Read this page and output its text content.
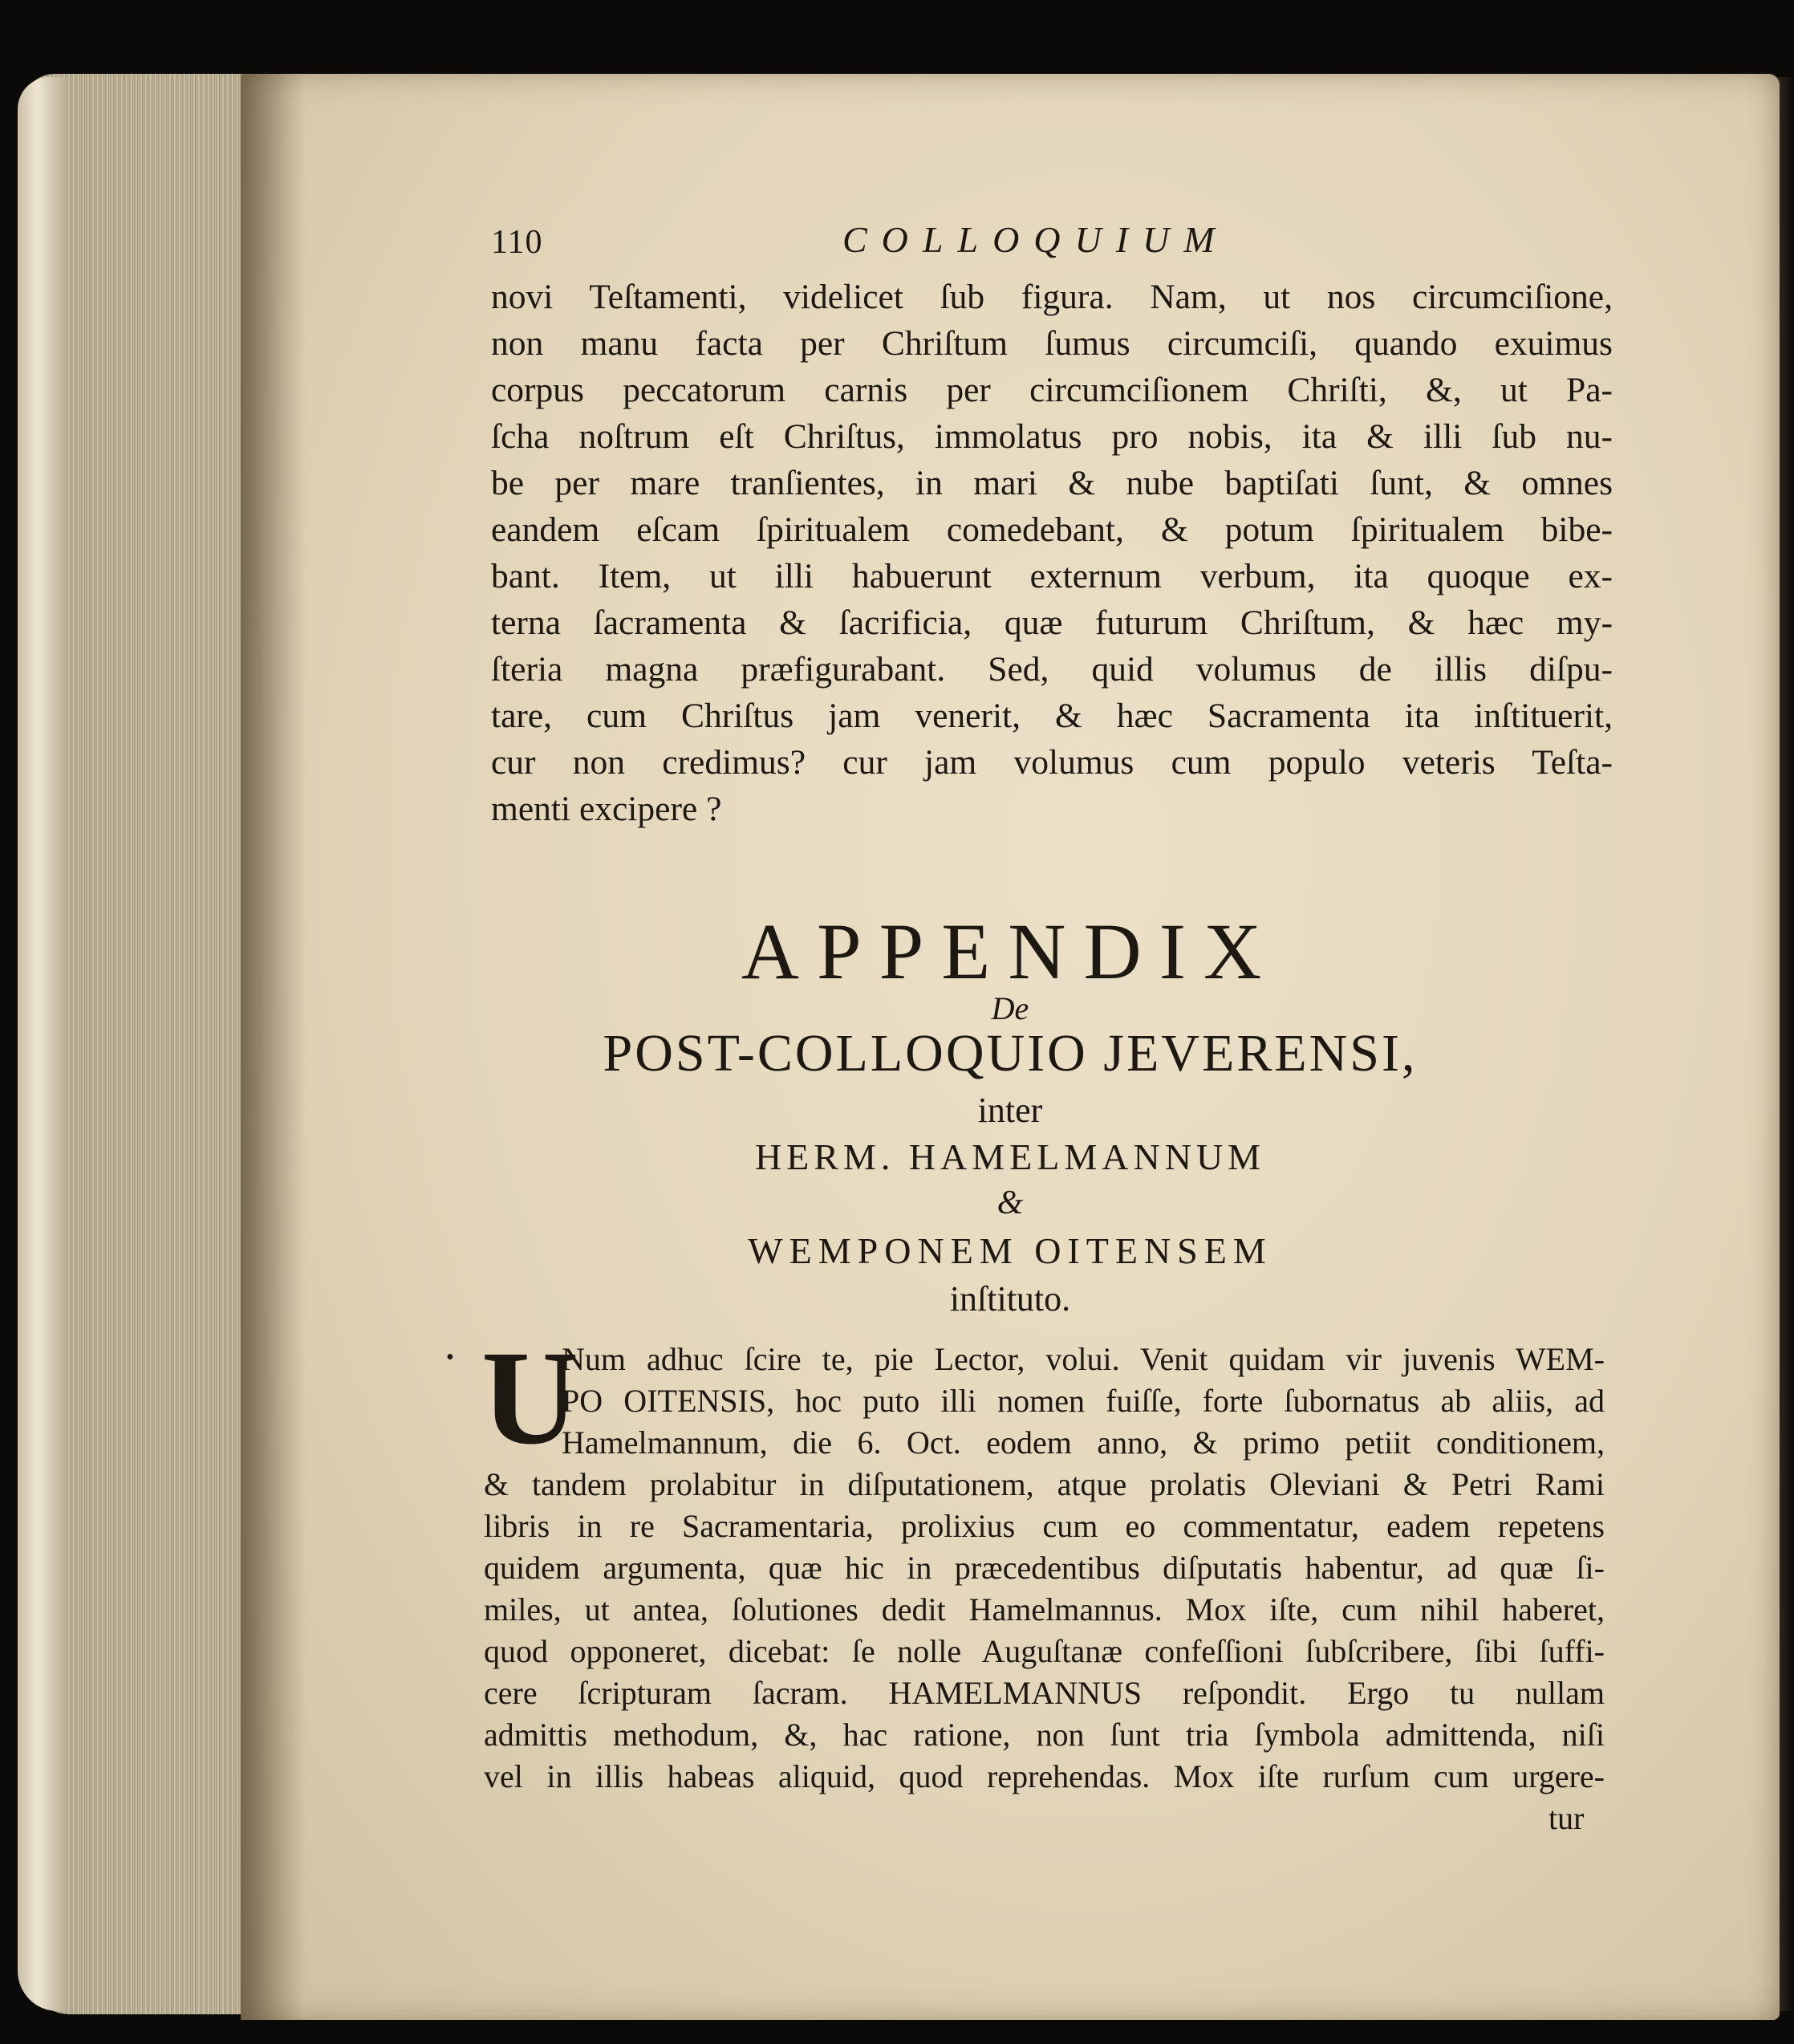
110	COLLOQUIUM
novi Teſtamenti, videlicet ſub figura. Nam, ut nos circumciſione,
non manu facta per Chriſtum ſumus circumciſi, quando exuimus
corpus peccatorum carnis per circumciſionem Chriſti, &, ut Pa-
ſcha noſtrum eſt Chriſtus, immolatus pro nobis, ita & illi ſub nu-
be per mare tranſientes, in mari & nube baptiſati ſunt, & omnes
eandem eſcam ſpiritualem comedebant, & potum ſpiritualem bibe-
bant. Item, ut illi habuerunt externum verbum, ita quoque ex-
terna ſacramenta & ſacrificia, quæ futurum Chriſtum, & hæc my-
ſteria magna præfigurabant. Sed, quid volumus de illis diſpu-
tare, cum Chriſtus jam venerit, & hæc Sacramenta ita inſtituerit,
cur non credimus? cur jam volumus cum populo veteris Teſta-
menti excipere ?
APPENDIX
De
POST-COLLOQUIO JEVERENSI,
inter
HERM. HAMELMANNUM
&
WEMPONEM OITENSEM
inſtituto.
• U
Num adhuc ſcire te, pie Lector, volui. Venit quidam vir juvenis WEM-
PO OITENSIS, hoc puto illi nomen fuiſſe, forte ſubornatus ab aliis, ad
Hamelmannum, die 6. Oct. eodem anno, & primo petiit conditionem,
& tandem prolabitur in diſputationem, atque prolatis Oleviani & Petri Rami
libris in re Sacramentaria, prolixius cum eo commentatur, eadem repetens
quidem argumenta, quæ hic in præcedentibus diſputatis habentur, ad quæ ſi-
miles, ut antea, ſolutiones dedit Hamelmannus. Mox iſte, cum nihil haberet,
quod opponeret, dicebat: ſe nolle Auguſtanæ confeſſioni ſubſcribere, ſibi ſuffi-
cere ſcripturam ſacram. HAMELMANNUS reſpondit. Ergo tu nullam
admittis methodum, &, hac ratione, non ſunt tria ſymbola admittenda, niſi
vel in illis habeas aliquid, quod reprehendas. Mox iſte rurſum cum urgere-
tur
